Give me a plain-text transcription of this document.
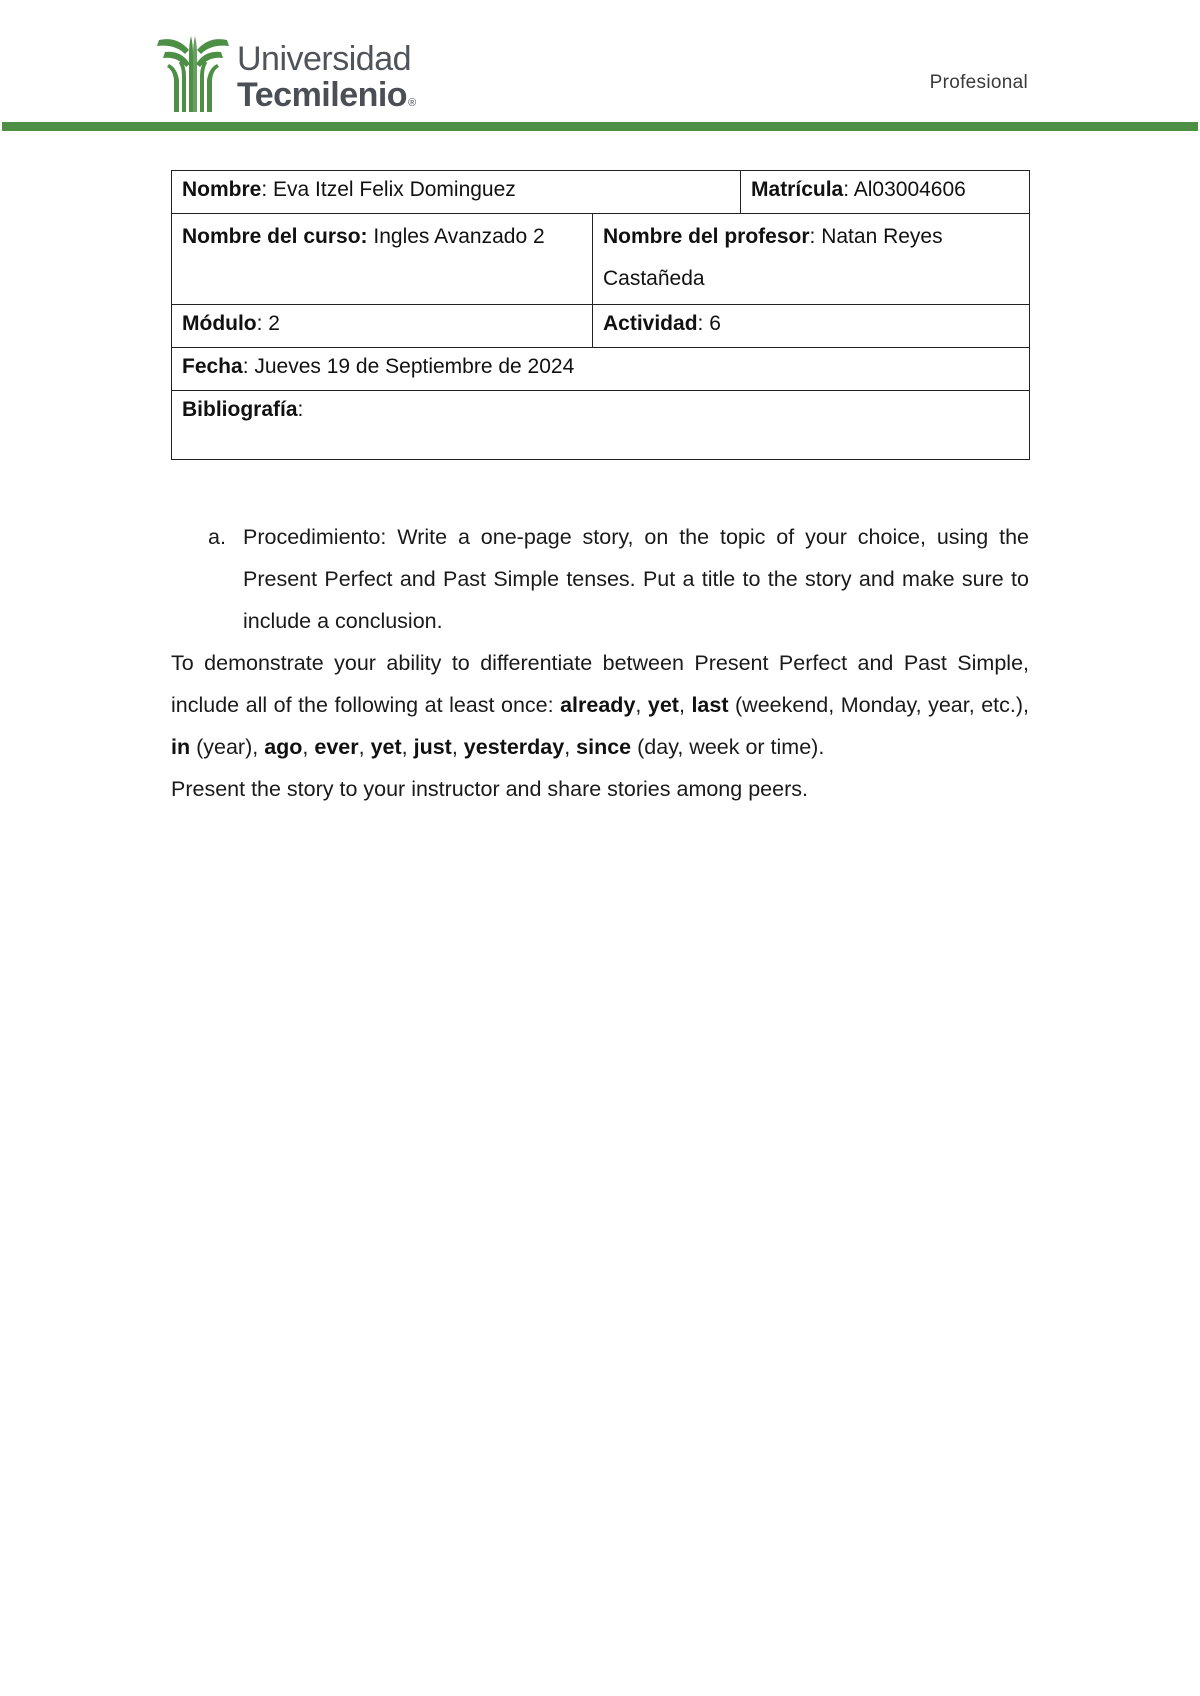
Universidad
Tecmilenio®
Profesional
Nombre: Eva Itzel Felix Dominguez		Matrícula: Al03004606
Nombre del curso: Ingles Avanzado 2	Nombre del profesor: Natan Reyes Castañeda	
Módulo: 2	Actividad: 6	
Fecha: Jueves 19 de Septiembre de 2024		
Bibliografía:		

a. Procedimiento: Write a one-page story, on the topic of your choice, using the Present Perfect and Past Simple tenses. Put a title to the story and make sure to include a conclusion.

To demonstrate your ability to differentiate between Present Perfect and Past Simple, include all of the following at least once: already, yet, last (weekend, Monday, year, etc.), in (year), ago, ever, yet, just, yesterday, since (day, week or time).

Present the story to your instructor and share stories among peers.
